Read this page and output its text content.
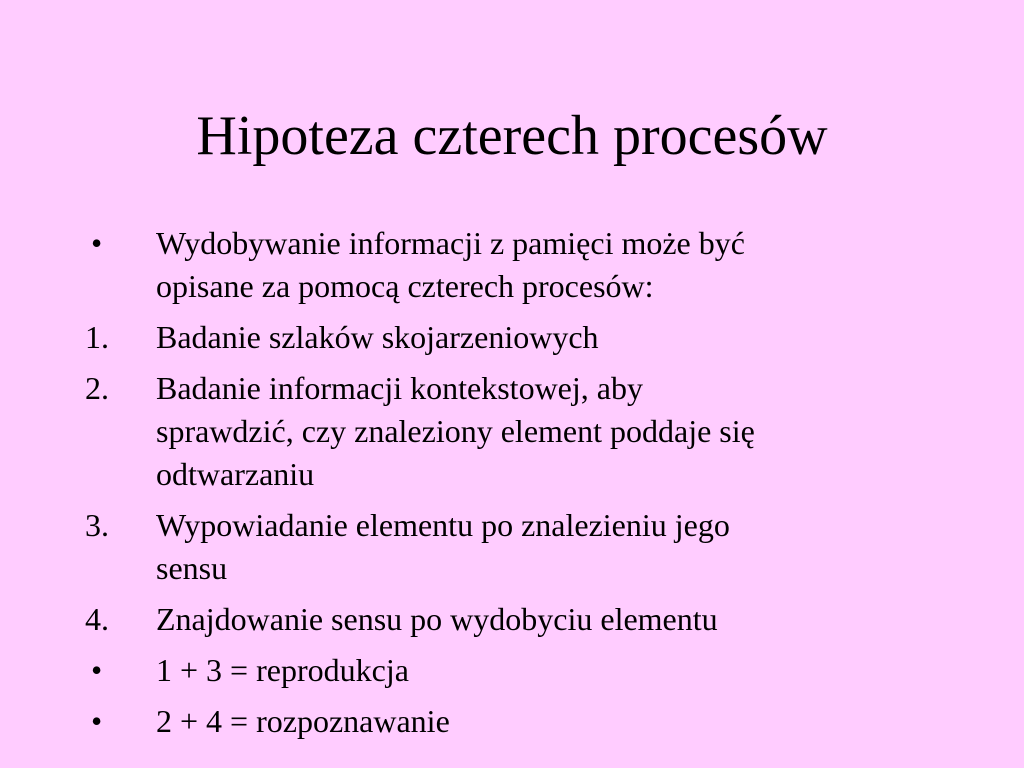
Hipoteza czterech procesów
•	Wydobywanie informacji z pamięci może być
opisane za pomocą czterech procesów:
1.	Badanie szlaków skojarzeniowych
2.	Badanie informacji kontekstowej, aby
sprawdzić, czy znaleziony element poddaje się
odtwarzaniu
3.	Wypowiadanie elementu po znalezieniu jego
sensu
4.	Znajdowanie sensu po wydobyciu elementu
•	1 + 3 = reprodukcja
•	2 + 4 = rozpoznawanie
